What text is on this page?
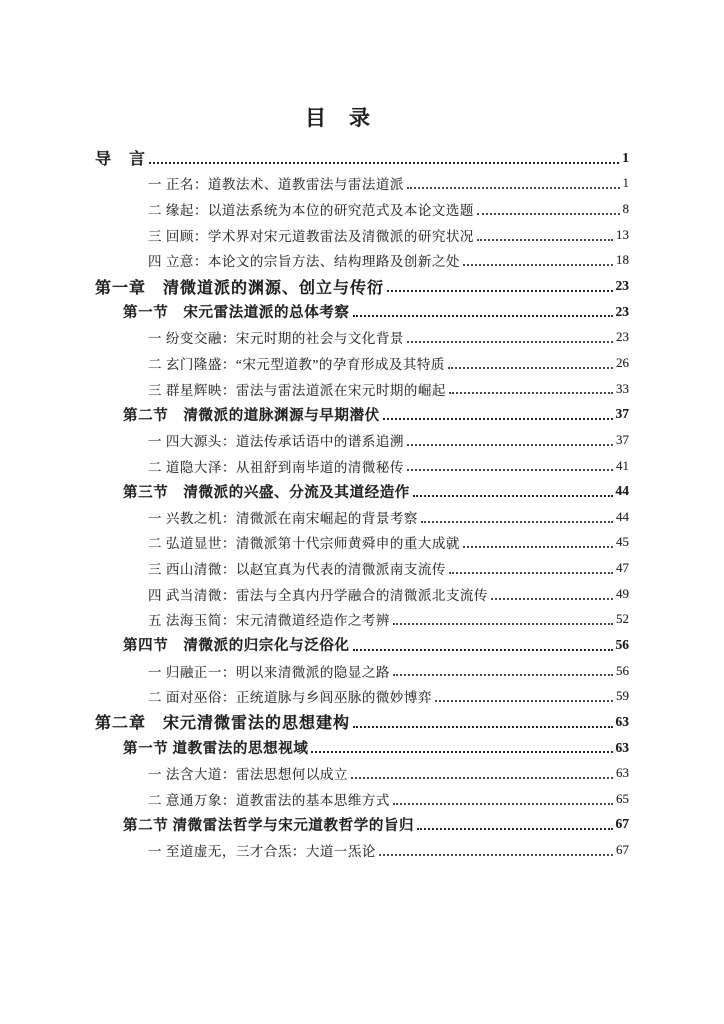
目　录
导　言	1
一 正名：道教法术、道教雷法与雷法道派	1
二 缘起：以道法系统为本位的研究范式及本论文选题	8
三 回顾：学术界对宋元道教雷法及清微派的研究状况	13
四 立意：本论文的宗旨方法、结构理路及创新之处	18
第一章　清微道派的渊源、创立与传衍	23
第一节　宋元雷法道派的总体考察	23
一 纷变交融：宋元时期的社会与文化背景	23
二 玄门隆盛：“宋元型道教”的孕育形成及其特质	26
三 群星辉映：雷法与雷法道派在宋元时期的崛起	33
第二节　清微派的道脉渊源与早期潜伏	37
一 四大源头：道法传承话语中的谱系追溯	37
二 道隐大泽：从祖舒到南毕道的清微秘传	41
第三节　清微派的兴盛、分流及其道经造作	44
一 兴教之机：清微派在南宋崛起的背景考察	44
二 弘道显世：清微派第十代宗师黄舜申的重大成就	45
三 西山清微：以赵宜真为代表的清微派南支流传	47
四 武当清微：雷法与全真内丹学融合的清微派北支流传	49
五 法海玉简：宋元清微道经造作之考辨	52
第四节　清微派的归宗化与泛俗化	56
一 归融正一：明以来清微派的隐显之路	56
二 面对巫俗：正统道脉与乡闾巫脉的微妙博弈	59
第二章　宋元清微雷法的思想建构	63
第一节 道教雷法的思想视域	63
一 法含大道：雷法思想何以成立	63
二 意通万象：道教雷法的基本思维方式	65
第二节 清微雷法哲学与宋元道教哲学的旨归	67
一 至道虚无，三才合炁：大道一炁论	67
